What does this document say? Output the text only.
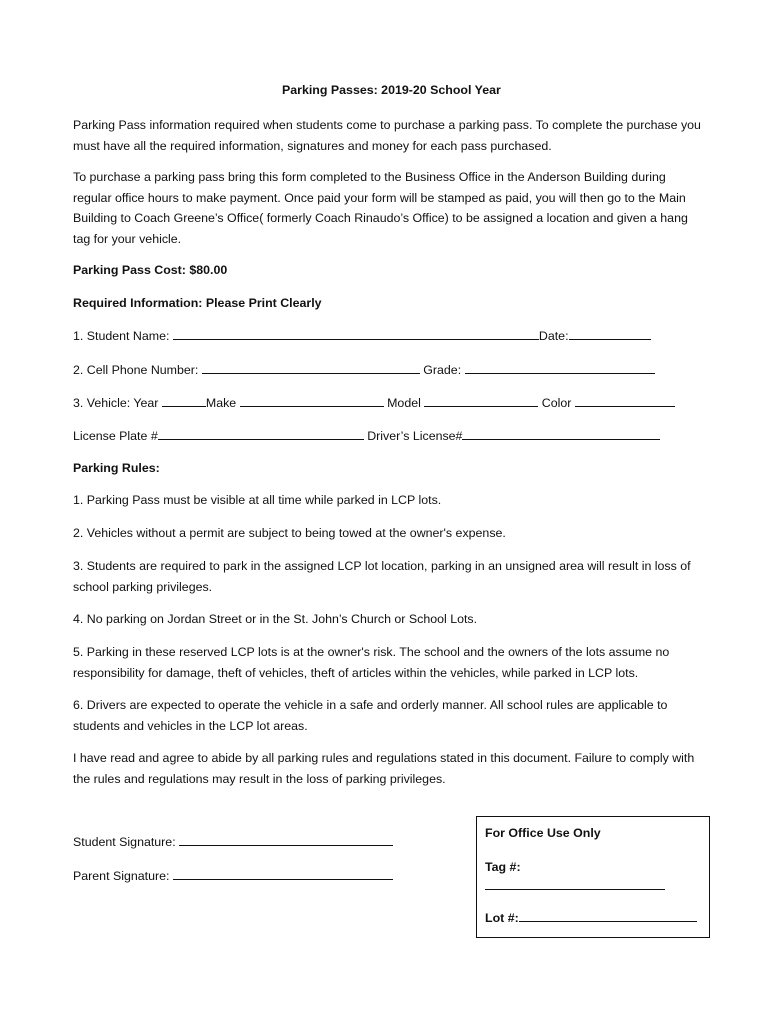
Parking Passes: 2019-20 School Year
Parking Pass information required when students come to purchase a parking pass. To complete the purchase you must have all the required information, signatures and money for each pass purchased.
To purchase a parking pass bring this form completed to the Business Office in the Anderson Building during regular office hours to make payment. Once paid your form will be stamped as paid, you will then go to the Main Building to Coach Greene’s Office( formerly Coach Rinaudo’s Office) to be assigned a location and given a hang tag for your vehicle.
Parking Pass Cost: $80.00
Required Information: Please Print Clearly
1. Student Name:	Date:
2. Cell Phone Number:	Grade:
3. Vehicle: Year	Make	Model	Color
License Plate #	Driver’s License#
Parking Rules:
1. Parking Pass must be visible at all time while parked in LCP lots.
2. Vehicles without a permit are subject to being towed at the owner's expense.
3. Students are required to park in the assigned LCP lot location, parking in an unsigned area will result in loss of school parking privileges.
4. No parking on Jordan Street or in the St. John’s Church or School Lots.
5. Parking in these reserved LCP lots is at the owner's risk. The school and the owners of the lots assume no responsibility for damage, theft of vehicles, theft of articles within the vehicles, while parked in LCP lots.
6. Drivers are expected to operate the vehicle in a safe and orderly manner. All school rules are applicable to students and vehicles in the LCP lot areas.
I have read and agree to abide by all parking rules and regulations stated in this document. Failure to comply with the rules and regulations may result in the loss of parking privileges.
Student Signature:
Parent Signature:
For Office Use Only
Tag #:
Lot #:
